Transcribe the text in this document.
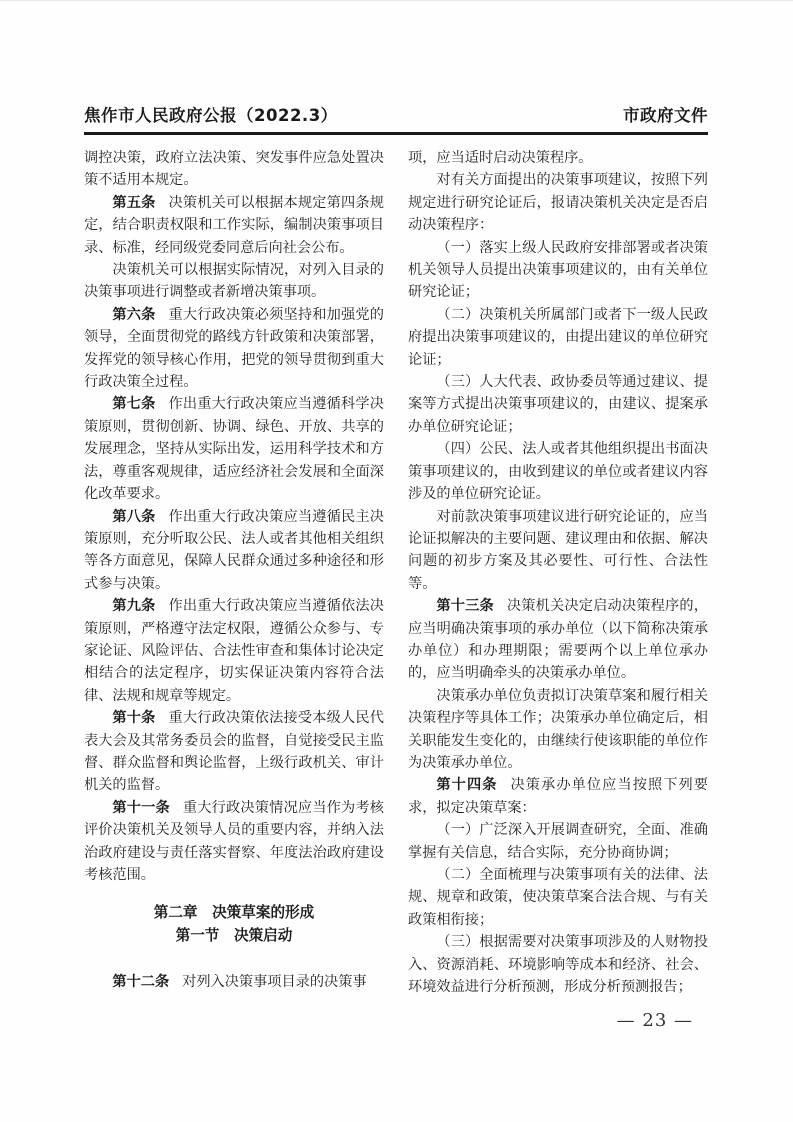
焦作市人民政府公报（2022.3）	市政府文件

调控决策，政府立法决策、突发事件应急处置决策不适用本规定。

第五条 决策机关可以根据本规定第四条规定，结合职责权限和工作实际，编制决策事项目录、标准，经同级党委同意后向社会公布。

决策机关可以根据实际情况，对列入目录的决策事项进行调整或者新增决策事项。

第六条 重大行政决策必须坚持和加强党的领导，全面贯彻党的路线方针政策和决策部署，发挥党的领导核心作用，把党的领导贯彻到重大行政决策全过程。

第七条 作出重大行政决策应当遵循科学决策原则，贯彻创新、协调、绿色、开放、共享的发展理念，坚持从实际出发，运用科学技术和方法，尊重客观规律，适应经济社会发展和全面深化改革要求。

第八条 作出重大行政决策应当遵循民主决策原则，充分听取公民、法人或者其他相关组织等各方面意见，保障人民群众通过多种途径和形式参与决策。

第九条 作出重大行政决策应当遵循依法决策原则，严格遵守法定权限，遵循公众参与、专家论证、风险评估、合法性审查和集体讨论决定相结合的法定程序，切实保证决策内容符合法律、法规和规章等规定。

第十条 重大行政决策依法接受本级人民代表大会及其常务委员会的监督，自觉接受民主监督、群众监督和舆论监督，上级行政机关、审计机关的监督。

第十一条 重大行政决策情况应当作为考核评价决策机关及领导人员的重要内容，并纳入法治政府建设与责任落实督察、年度法治政府建设考核范围。

第二章　决策草案的形成

第一节　决策启动

第十二条 对列入决策事项目录的决策事

项，应当适时启动决策程序。

对有关方面提出的决策事项建议，按照下列规定进行研究论证后，报请决策机关决定是否启动决策程序：

（一）落实上级人民政府安排部署或者决策机关领导人员提出决策事项建议的，由有关单位研究论证；

（二）决策机关所属部门或者下一级人民政府提出决策事项建议的，由提出建议的单位研究论证；

（三）人大代表、政协委员等通过建议、提案等方式提出决策事项建议的，由建议、提案承办单位研究论证；

（四）公民、法人或者其他组织提出书面决策事项建议的，由收到建议的单位或者建议内容涉及的单位研究论证。

对前款决策事项建议进行研究论证的，应当论证拟解决的主要问题、建议理由和依据、解决问题的初步方案及其必要性、可行性、合法性等。

第十三条 决策机关决定启动决策程序的，应当明确决策事项的承办单位（以下简称决策承办单位）和办理期限；需要两个以上单位承办的，应当明确牵头的决策承办单位。

决策承办单位负责拟订决策草案和履行相关决策程序等具体工作；决策承办单位确定后，相关职能发生变化的，由继续行使该职能的单位作为决策承办单位。

第十四条 决策承办单位应当按照下列要求，拟定决策草案：

（一）广泛深入开展调查研究，全面、准确掌握有关信息，结合实际，充分协商协调；

（二）全面梳理与决策事项有关的法律、法规、规章和政策，使决策草案合法合规、与有关政策相衔接；

（三）根据需要对决策事项涉及的人财物投入、资源消耗、环境影响等成本和经济、社会、环境效益进行分析预测，形成分析预测报告；

— 23 —
